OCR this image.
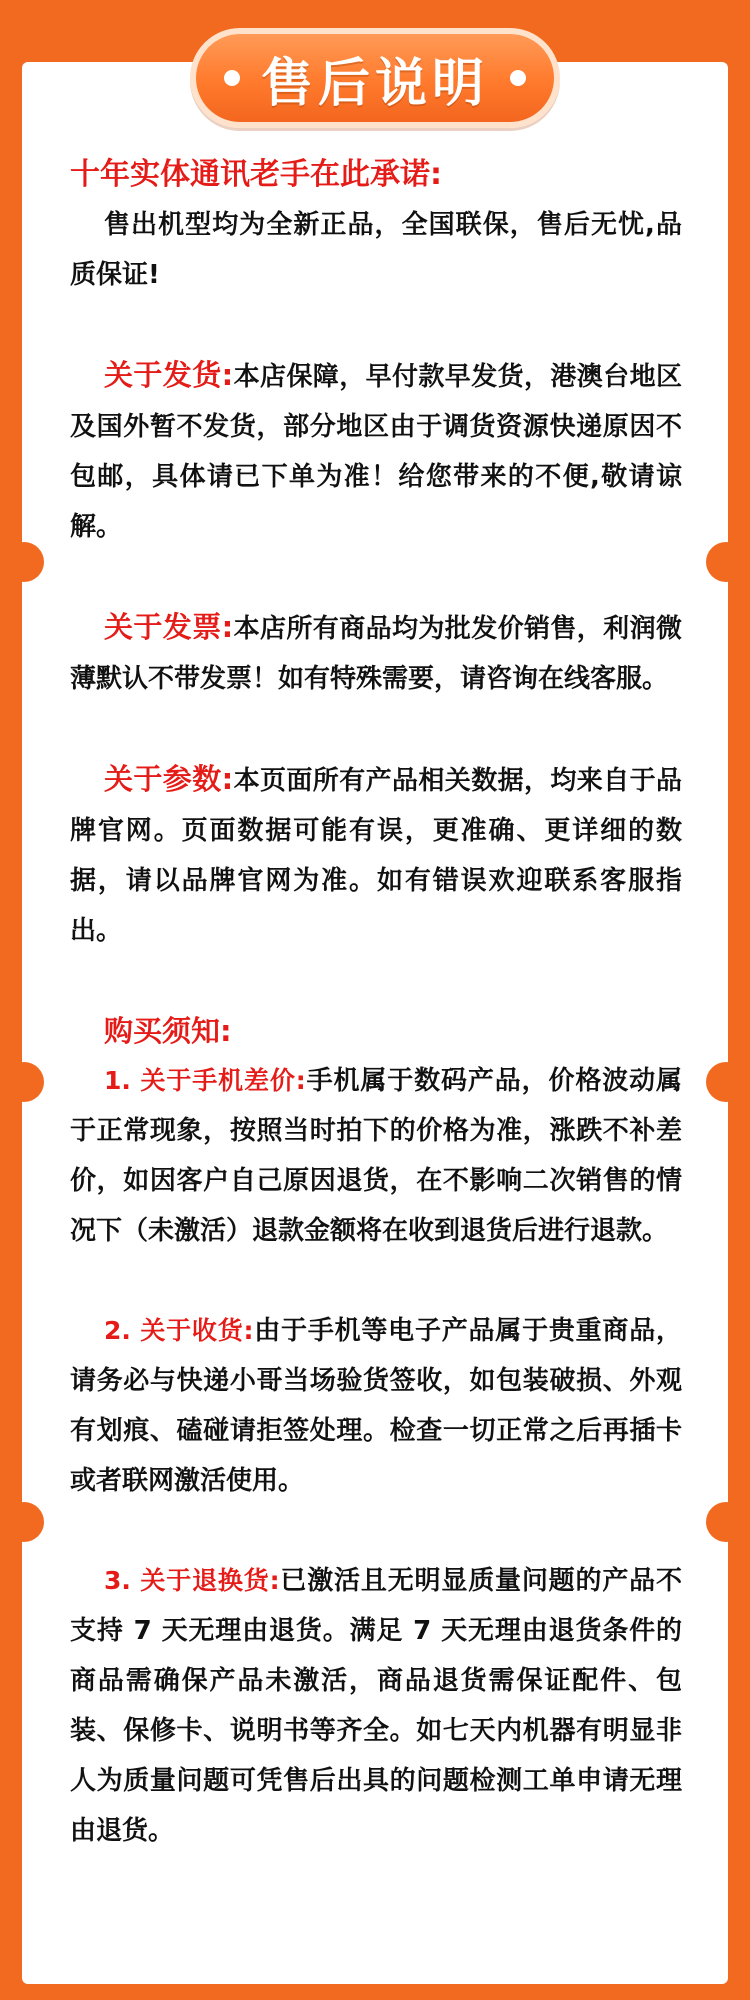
售后说明

十年实体通讯老手在此承诺:

售出机型均为全新正品，全国联保，售后无忧,品质保证!

关于发货:本店保障，早付款早发货，港澳台地区及国外暂不发货，部分地区由于调货资源快递原因不包邮，具体请已下单为准！给您带来的不便,敬请谅解。

关于发票:本店所有商品均为批发价销售，利润微薄默认不带发票！如有特殊需要，请咨询在线客服。

关于参数:本页面所有产品相关数据，均来自于品牌官网。页面数据可能有误，更准确、更详细的数据，请以品牌官网为准。如有错误欢迎联系客服指出。

购买须知:

1. 关于手机差价:手机属于数码产品，价格波动属于正常现象，按照当时拍下的价格为准，涨跌不补差价，如因客户自己原因退货，在不影响二次销售的情况下（未激活）退款金额将在收到退货后进行退款。

2. 关于收货:由于手机等电子产品属于贵重商品，请务必与快递小哥当场验货签收，如包装破损、外观有划痕、磕碰请拒签处理。检查一切正常之后再插卡或者联网激活使用。

3. 关于退换货:已激活且无明显质量问题的产品不支持 7 天无理由退货。满足 7 天无理由退货条件的商品需确保产品未激活，商品退货需保证配件、包装、保修卡、说明书等齐全。如七天内机器有明显非人为质量问题可凭售后出具的问题检测工单申请无理由退货。
